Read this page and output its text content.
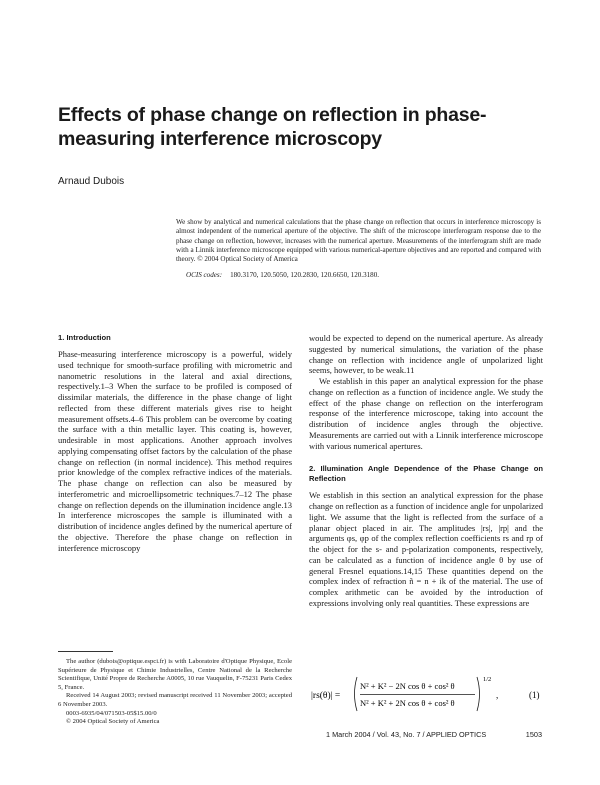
Effects of phase change on reflection in phase-measuring interference microscopy
Arnaud Dubois
We show by analytical and numerical calculations that the phase change on reflection that occurs in interference microscopy is almost independent of the numerical aperture of the objective. The shift of the microscope interferogram response due to the phase change on reflection, however, increases with the numerical aperture. Measurements of the interferogram shift are made with a Linnik interference microscope equipped with various numerical-aperture objectives and are reported and compared with theory. © 2004 Optical Society of America
OCIS codes: 180.3170, 120.5050, 120.2830, 120.6650, 120.3180.
1. Introduction

Phase-measuring interference microscopy is a powerful, widely used technique for smooth-surface profiling with micrometric and nanometric resolutions in the lateral and axial directions, respectively.1–3 When the surface to be profiled is composed of dissimilar materials, the difference in the phase change of light reflected from these different materials gives rise to height measurement offsets.4–6 This problem can be overcome by coating the surface with a thin metallic layer. This coating is, however, undesirable in most applications. Another approach involves applying compensating offset factors by the calculation of the phase change on reflection (in normal incidence). This method requires prior knowledge of the complex refractive indices of the materials. The phase change on reflection can also be measured by interferometric and microellipsometric techniques.7–12 The phase change on reflection depends on the illumination incidence angle.13 In interference microscopes the sample is illuminated with a distribution of incidence angles defined by the numerical aperture of the objective. Therefore the phase change on reflection in interference microscopy

would be expected to depend on the numerical aperture. As already suggested by numerical simulations, the variation of the phase change on reflection with incidence angle of unpolarized light seems, however, to be weak.11

We establish in this paper an analytical expression for the phase change on reflection as a function of incidence angle. We study the effect of the phase change on reflection on the interferogram response of the interference microscope, taking into account the distribution of incidence angles through the objective. Measurements are carried out with a Linnik interference microscope with various numerical apertures.

2. Illumination Angle Dependence of the Phase Change on Reflection

We establish in this section an analytical expression for the phase change on reflection as a function of incidence angle for unpolarized light. We assume that the light is reflected from the surface of a planar object placed in air. The amplitudes |rs|, |rp| and the arguments φs, φp of the complex reflection coefficients rs and rp of the object for the s- and p-polarization components, respectively, can be calculated as a function of incidence angle θ by use of general Fresnel equations.14,15 These quantities depend on the complex index of refraction ñ = n + ik of the material. The use of complex arithmetic can be avoided by the introduction of expressions involving only real quantities. These expressions are

The author (dubois@optique.espci.fr) is with Laboratoire d'Optique Physique, Ecole Supérieure de Physique et Chimie Industrielles, Centre National de la Recherche Scientifique, Unité Propre de Recherche A0005, 10 rue Vauquelin, F-75231 Paris Cedex 5, France.

Received 14 August 2003; revised manuscript received 11 November 2003; accepted 6 November 2003.

0003-6935/04/071503-05$15.00/0

© 2004 Optical Society of America

|rs(θ)| =
N² + K² − 2N cos θ + cos² θ
N² + K² + 2N cos θ + cos² θ
1/2
,	(1)
1 March 2004 / Vol. 43, No. 7 / APPLIED OPTICS	1503
